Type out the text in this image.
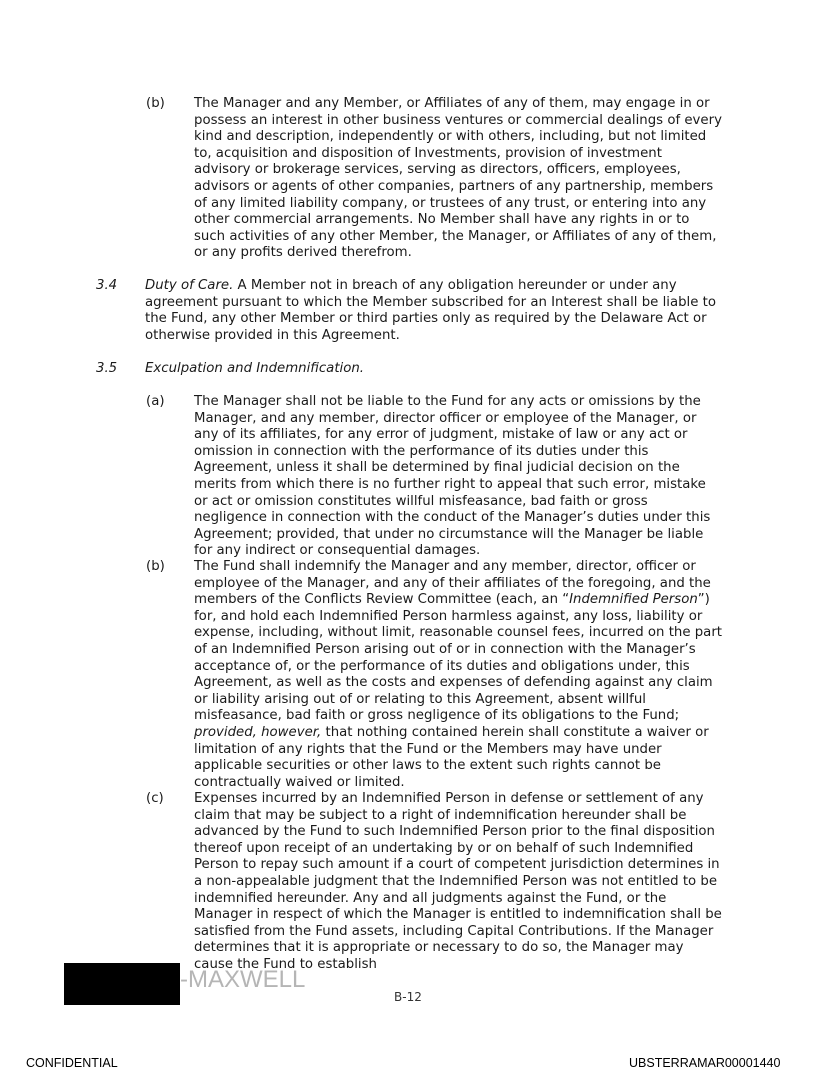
(b) The Manager and any Member, or Affiliates of any of them, may engage in or possess an interest in other business ventures or commercial dealings of every kind and description, independently or with others, including, but not limited to, acquisition and disposition of Investments, provision of investment advisory or brokerage services, serving as directors, officers, employees, advisors or agents of other companies, partners of any partnership, members of any limited liability company, or trustees of any trust, or entering into any other commercial arrangements. No Member shall have any rights in or to such activities of any other Member, the Manager, or Affiliates of any of them, or any profits derived therefrom.

3.4 Duty of Care. A Member not in breach of any obligation hereunder or under any agreement pursuant to which the Member subscribed for an Interest shall be liable to the Fund, any other Member or third parties only as required by the Delaware Act or otherwise provided in this Agreement.

3.5 Exculpation and Indemnification.
(a) The Manager shall not be liable to the Fund for any acts or omissions by the Manager, and any member, director officer or employee of the Manager, or any of its affiliates, for any error of judgment, mistake of law or any act or omission in connection with the performance of its duties under this Agreement, unless it shall be determined by final judicial decision on the merits from which there is no further right to appeal that such error, mistake or act or omission constitutes willful misfeasance, bad faith or gross negligence in connection with the conduct of the Manager’s duties under this Agreement; provided, that under no circumstance will the Manager be liable for any indirect or consequential damages.

(b) The Fund shall indemnify the Manager and any member, director, officer or employee of the Manager, and any of their affiliates of the foregoing, and the members of the Conflicts Review Committee (each, an “Indemnified Person”) for, and hold each Indemnified Person harmless against, any loss, liability or expense, including, without limit, reasonable counsel fees, incurred on the part of an Indemnified Person arising out of or in connection with the Manager’s acceptance of, or the performance of its duties and obligations under, this Agreement, as well as the costs and expenses of defending against any claim or liability arising out of or relating to this Agreement, absent willful misfeasance, bad faith or gross negligence of its obligations to the Fund; provided, however, that nothing contained herein shall constitute a waiver or limitation of any rights that the Fund or the Members may have under applicable securities or other laws to the extent such rights cannot be contractually waived or limited.

(c) Expenses incurred by an Indemnified Person in defense or settlement of any claim that may be subject to a right of indemnification hereunder shall be advanced by the Fund to such Indemnified Person prior to the final disposition thereof upon receipt of an undertaking by or on behalf of such Indemnified Person to repay such amount if a court of competent jurisdiction determines in a non-appealable judgment that the Indemnified Person was not entitled to be indemnified hereunder. Any and all judgments against the Fund, or the Manager in respect of which the Manager is entitled to indemnification shall be satisfied from the Fund assets, including Capital Contributions. If the Manager determines that it is appropriate or necessary to do so, the Manager may cause the Fund to establish

-MAXWELL
B-12
CONFIDENTIAL	UBSTERRAMAR00001440
